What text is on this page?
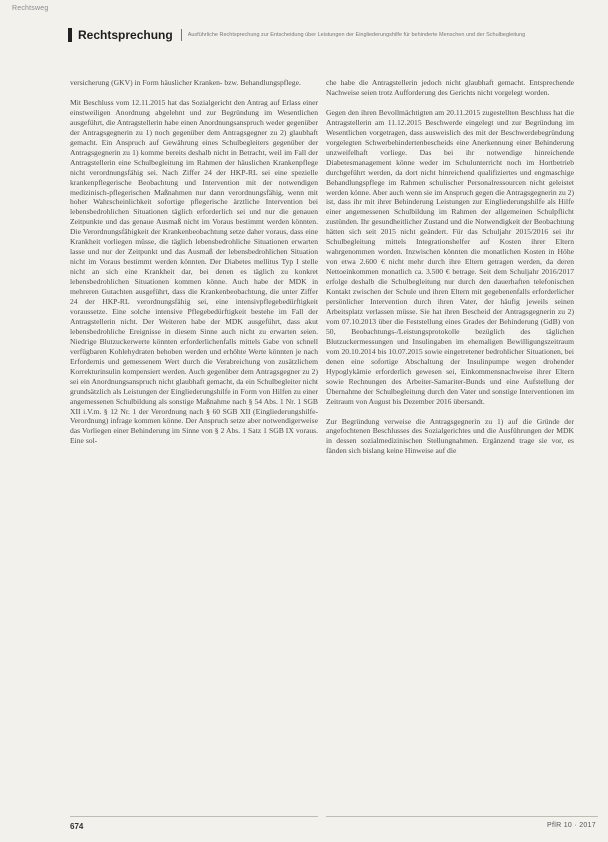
Rechtsweg
Rechtsprechung	Ausführliche Rechtsprechung zur Entscheidung über Leistungen der Eingliederungshilfe für behinderte Menschen und der Schulbegleitung

versicherung (GKV) in Form häuslicher Kranken- bzw. Behandlungspflege.

Mit Beschluss vom 12.11.2015 hat das Sozialgericht den Antrag auf Erlass einer einstweiligen Anordnung abgelehnt und zur Begründung im Wesentlichen ausgeführt, die Antragstellerin habe einen Anordnungsanspruch weder gegenüber der Antragsgegnerin zu 1) noch gegenüber dem Antragsgegner zu 2) glaubhaft gemacht. Ein Anspruch auf Gewährung eines Schulbegleiters gegenüber der Antragsgegnerin zu 1) komme bereits deshalb nicht in Betracht, weil im Fall der Antragstellerin eine Schulbegleitung im Rahmen der häuslichen Krankenpflege nicht verordnungsfähig sei. Nach Ziffer 24 der HKP-RL sei eine spezielle krankenpflegerische Beobachtung und Intervention mit der notwendigen medizinisch-pflegerischen Maßnahmen nur dann verordnungsfähig, wenn mit hoher Wahrscheinlichkeit sofortige pflegerische ärztliche Intervention bei lebensbedrohlichen Situationen täglich erforderlich sei und nur die genauen Zeitpunkte und das genaue Ausmaß nicht im Voraus bestimmt werden könnten. Die Verordnungsfähigkeit der Krankenbeobachtung setze daher voraus, dass eine Krankheit vorliegen müsse, die täglich lebensbedrohliche Situationen erwarten lasse und nur der Zeitpunkt und das Ausmaß der lebensbedrohlichen Situation nicht im Voraus bestimmt werden könnten. Der Diabetes mellitus Typ I stelle nicht an sich eine Krankheit dar, bei denen es täglich zu konkret lebensbedrohlichen Situationen kommen könne. Auch habe der MDK in mehreren Gutachten ausgeführt, dass die Krankenbeobachtung, die unter Ziffer 24 der HKP-RL verordnungsfähig sei, eine intensivpflegebedürftigkeit voraussetze. Eine solche intensive Pflegebedürftigkeit bestehe im Fall der Antragstellerin nicht. Der Weiteren habe der MDK ausgeführt, dass akut lebensbedrohliche Ereignisse in diesem Sinne auch nicht zu erwarten seien. Niedrige Blutzuckerwerte könnten erforderlichenfalls mittels Gabe von schnell verfügbaren Kohlehydraten behoben werden und erhöhte Werte könnten je nach Erfordernis und gemessenem Wert durch die Verabreichung von zusätzlichem Korrekturinsulin kompensiert werden. Auch gegenüber dem Antragsgegner zu 2) sei ein Anordnungsanspruch nicht glaubhaft gemacht, da ein Schulbegleiter nicht grundsätzlich als Leistungen der Eingliederungshilfe in Form von Hilfen zu einer angemessenen Schulbildung als sonstige Maßnahme nach § 54 Abs. 1 Nr. 1 SGB XII i.V.m. § 12 Nr. 1 der Verordnung nach § 60 SGB XII (Eingliederungshilfe-Verordnung) infrage kommen könne. Der Anspruch setze aber notwendigerweise das Vorliegen einer Behinderung im Sinne von § 2 Abs. 1 Satz 1 SGB IX voraus. Eine sol-

che habe die Antragstellerin jedoch nicht glaubhaft gemacht. Entsprechende Nachweise seien trotz Aufforderung des Gerichts nicht vorgelegt worden.

Gegen den ihren Bevollmächtigten am 20.11.2015 zugestellten Beschluss hat die Antragstellerin am 11.12.2015 Beschwerde eingelegt und zur Begründung im Wesentlichen vorgetragen, dass ausweislich des mit der Beschwerdebegründung vorgelegten Schwerbehindertenbescheids eine Anerkennung einer Behinderung unzweifelhaft vorliege. Das bei ihr notwendige hinreichende Diabetesmanagement könne weder im Schulunterricht noch im Hortbetrieb durchgeführt werden, da dort nicht hinreichend qualifiziertes und engmaschige Behandlungspflege im Rahmen schulischer Personalressourcen nicht geleistet werden könne. Aber auch wenn sie im Anspruch gegen die Antragsgegnerin zu 2) ist, dass ihr mit ihrer Behinderung Leistungen zur Eingliederungshilfe als Hilfe einer angemessenen Schulbildung im Rahmen der allgemeinen Schulpflicht zustünden. Ihr gesundheitlicher Zustand und die Notwendigkeit der Beobachtung hätten sich seit 2015 nicht geändert. Für das Schuljahr 2015/2016 sei ihr Schulbegleitung mittels Integrationshelfer auf Kosten ihrer Eltern wahrgenommen worden. Inzwischen könnten die monatlichen Kosten in Höhe von etwa 2.600 € nicht mehr durch ihre Eltern getragen werden, da deren Nettoeinkommen monatlich ca. 3.500 € betrage. Seit dem Schuljahr 2016/2017 erfolge deshalb die Schulbegleitung nur durch den dauerhaften telefonischen Kontakt zwischen der Schule und ihren Eltern mit gegebenenfalls erforderlicher persönlicher Intervention durch ihren Vater, der häufig jeweils seinen Arbeitsplatz verlassen müsse. Sie hat ihren Bescheid der Antragsgegnerin zu 2) vom 07.10.2013 über die Feststellung eines Grades der Behinderung (GdB) von 50, Beobachtungs-/Leistungsprotokolle bezüglich des täglichen Blutzuckermessungen und Insulingaben im ehemaligen Bewilligungszeitraum vom 20.10.2014 bis 10.07.2015 sowie eingetretener bedrohlicher Situationen, bei denen eine sofortige Abschaltung der Insulinpumpe wegen drohender Hypoglykämie erforderlich gewesen sei, Einkommensnachweise ihrer Eltern sowie Rechnungen des Arbeiter-Samariter-Bunds und eine Aufstellung der Übernahme der Schulbegleitung durch den Vater und sonstige Interventionen im Zeitraum von August bis Dezember 2016 übersandt.

Zur Begründung verweise die Antragsgegnerin zu 1) auf die Gründe der angefochtenen Beschlusses des Sozialgerichtes und die Ausführungen der MDK in dessen sozialmedizinischen Stellungnahmen. Ergänzend trage sie vor, es fänden sich bislang keine Hinweise auf die

674	PflR 10 · 2017
